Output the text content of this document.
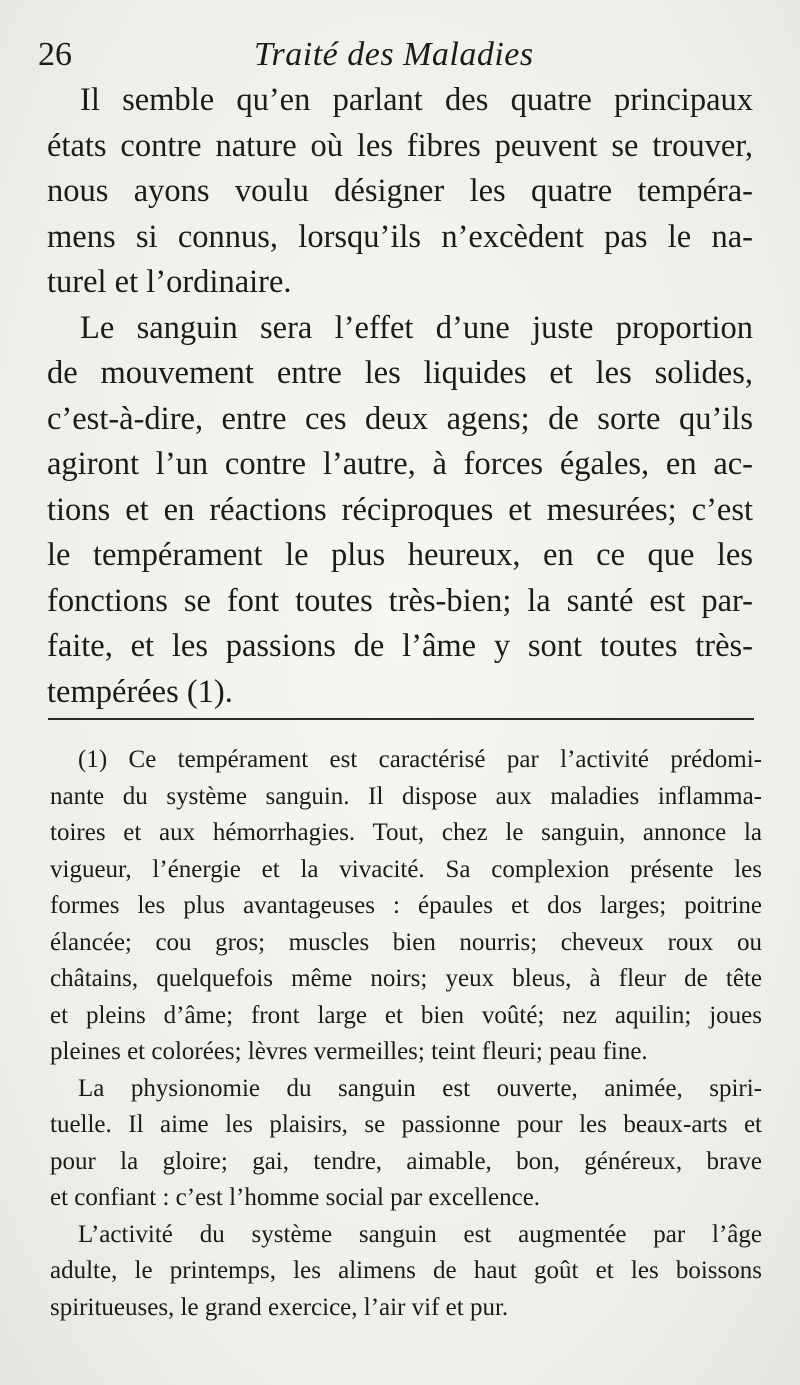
26	Traité des Maladies
Il semble qu’en parlant des quatre principaux
états contre nature où les fibres peuvent se trouver,
nous ayons voulu désigner les quatre tempéra-
mens si connus, lorsqu’ils n’excèdent pas le na-
turel et l’ordinaire.
Le sanguin sera l’effet d’une juste proportion
de mouvement entre les liquides et les solides,
c’est-à-dire, entre ces deux agens; de sorte qu’ils
agiront l’un contre l’autre, à forces égales, en ac-
tions et en réactions réciproques et mesurées; c’est
le tempérament le plus heureux, en ce que les
fonctions se font toutes très-bien; la santé est par-
faite, et les passions de l’âme y sont toutes très-
tempérées (1).
(1) Ce tempérament est caractérisé par l’activité prédomi-
nante du système sanguin. Il dispose aux maladies inflamma-
toires et aux hémorrhagies. Tout, chez le sanguin, annonce la
vigueur, l’énergie et la vivacité. Sa complexion présente les
formes les plus avantageuses : épaules et dos larges; poitrine
élancée; cou gros; muscles bien nourris; cheveux roux ou
châtains, quelquefois même noirs; yeux bleus, à fleur de tête
et pleins d’âme; front large et bien voûté; nez aquilin; joues
pleines et colorées; lèvres vermeilles; teint fleuri; peau fine.
La physionomie du sanguin est ouverte, animée, spiri-
tuelle. Il aime les plaisirs, se passionne pour les beaux-arts et
pour la gloire; gai, tendre, aimable, bon, généreux, brave
et confiant : c’est l’homme social par excellence.
L’activité du système sanguin est augmentée par l’âge
adulte, le printemps, les alimens de haut goût et les boissons
spiritueuses, le grand exercice, l’air vif et pur.
